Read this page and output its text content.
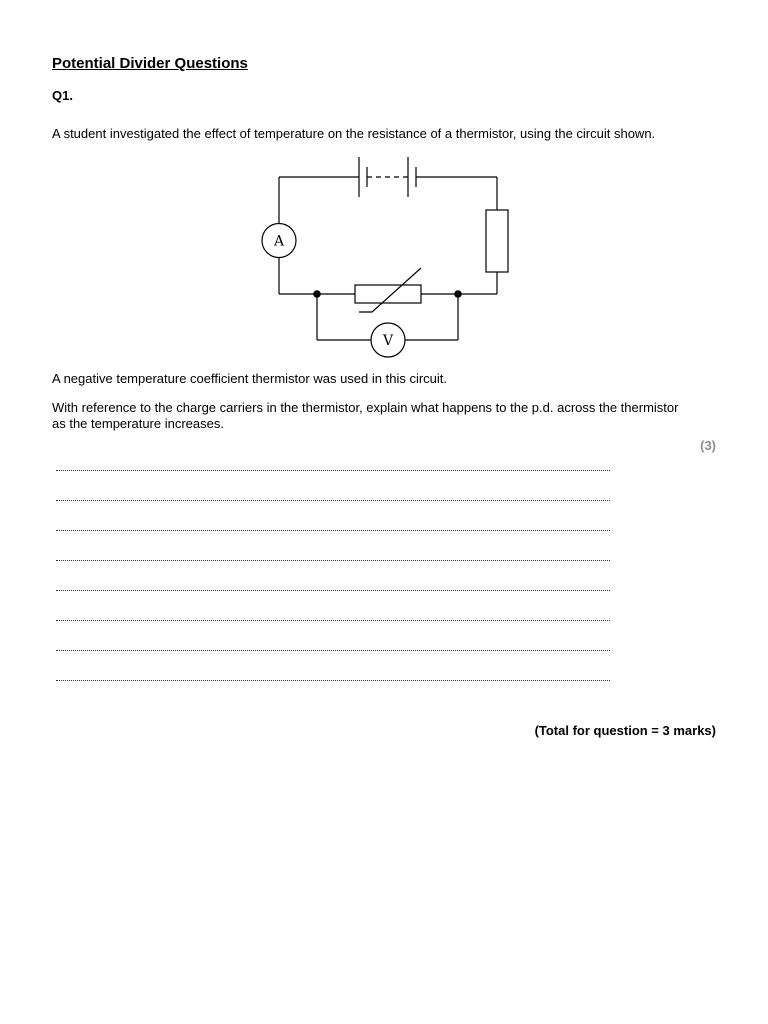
Potential Divider Questions
Q1.
A student investigated the effect of temperature on the resistance of a thermistor, using the circuit shown.
A
V
A negative temperature coefficient thermistor was used in this circuit.
With reference to the charge carriers in the thermistor, explain what happens to the p.d. across the thermistor as the temperature increases.
(3)
(Total for question = 3 marks)
